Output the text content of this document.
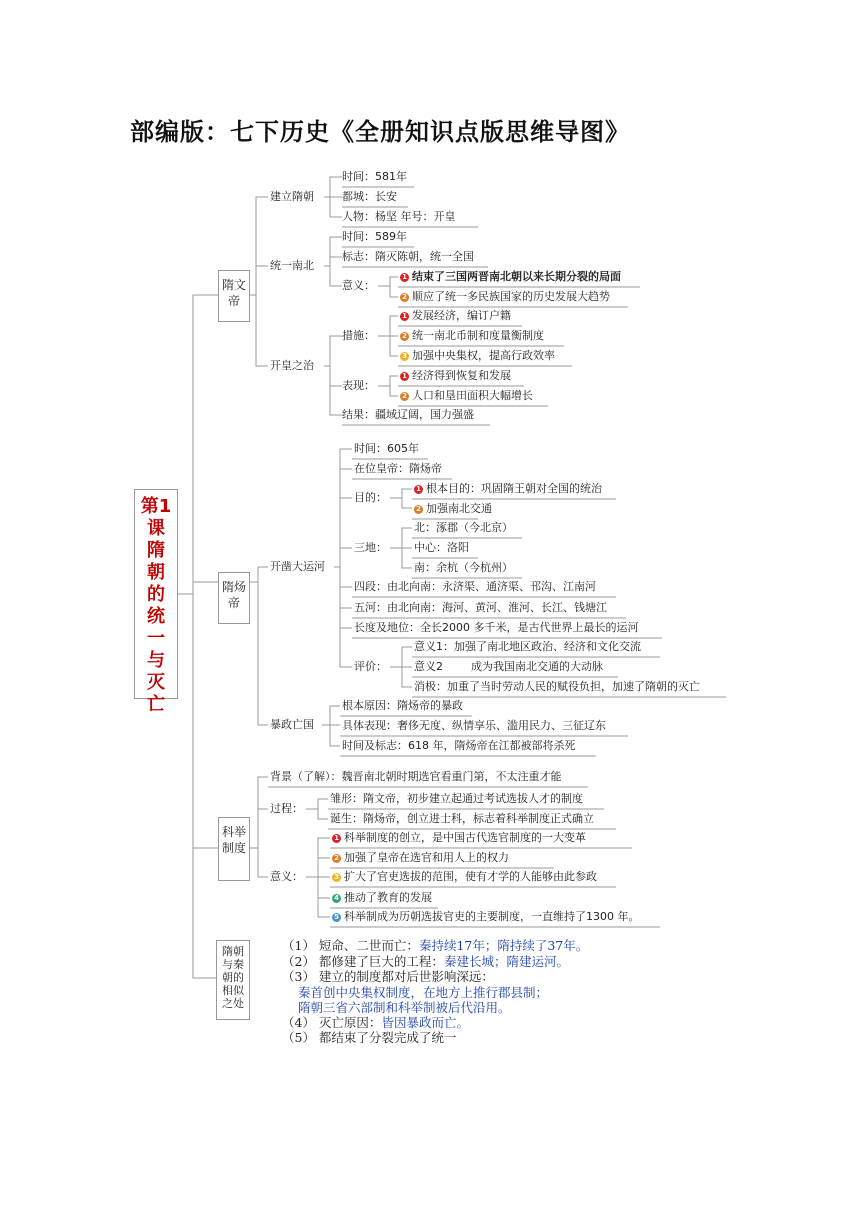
部编版：七下历史《全册知识点版思维导图》
第1课隋朝的统一与灭亡
隋文帝
隋炀帝
科举制度
隋朝与秦朝的相似之处
建立隋朝
时间：581年
都城：长安
人物：杨坚 年号：开皇
统一南北
时间：589年
标志：隋灭陈朝，统一全国
意义：
1 结束了三国两晋南北朝以来长期分裂的局面
2 顺应了统一多民族国家的历史发展大趋势
开皇之治
措施：
1 发展经济，编订户籍
2 统一南北币制和度量衡制度
3 加强中央集权，提高行政效率
表现：
1 经济得到恢复和发展
2 人口和垦田面积大幅增长
结果：疆域辽阔，国力强盛
开凿大运河
时间：605年
在位皇帝：隋炀帝
目的：
1 根本目的：巩固隋王朝对全国的统治
2 加强南北交通
三地：
北：涿郡（今北京）
中心：洛阳
南：余杭（今杭州）
四段：由北向南：永济渠、通济渠、邗沟、江南河
五河：由北向南：海河、黄河、淮河、长江、钱塘江
长度及地位：全长2000 多千米，是古代世界上最长的运河
评价：
意义1：加强了南北地区政治、经济和文化交流
意义2        成为我国南北交通的大动脉
消极：加重了当时劳动人民的赋役负担，加速了隋朝的灭亡
暴政亡国
根本原因：隋炀帝的暴政
具体表现：奢侈无度、纵情享乐、滥用民力、三征辽东
时间及标志：618 年，隋炀帝在江都被部将杀死
背景（了解）：魏晋南北朝时期选官看重门第，不太注重才能
过程：
雏形：隋文帝，初步建立起通过考试选拔人才的制度
诞生：隋炀帝，创立进士科，标志着科举制度正式确立
意义：
1 科举制度的创立，是中国古代选官制度的一大变革
2 加强了皇帝在选官和用人上的权力
3 扩大了官吏选拔的范围，使有才学的人能够由此参政
4 推动了教育的发展
5 科举制成为历朝选拔官吏的主要制度，一直维持了1300 年。
（1） 短命、二世而亡：秦持续17年；隋持续了37年。
（2） 都修建了巨大的工程：秦建长城；隋建运河。
（3） 建立的制度都对后世影响深远：
秦首创中央集权制度，在地方上推行郡县制；
隋朝三省六部制和科举制被后代沿用。
（4） 灭亡原因：皆因暴政而亡。
（5） 都结束了分裂完成了统一
